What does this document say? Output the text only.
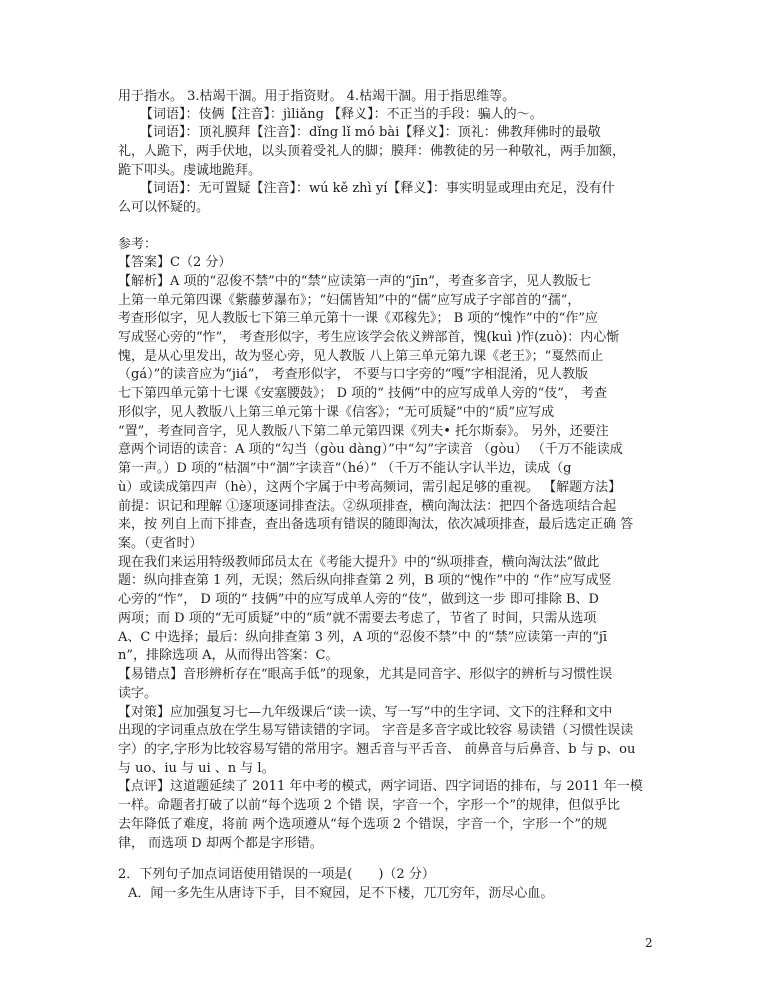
用于指水。 3.枯竭干涸。用于指资财。 4.枯竭干涸。用于指思维等。
【词语】：伎俩【注音】：jìliǎng 【释义】：不正当的手段：骗人的～。
【词语】：顶礼膜拜【注音】：dǐng lǐ mó bài【释义】：顶礼：佛教拜佛时的最敬
礼，人跪下，两手伏地，以头顶着受礼人的脚；膜拜：佛教徒的另一种敬礼，两手加额，
跪下叩头。虔诚地跪拜。
【词语】：无可置疑【注音】：wú kě zhì yí【释义】：事实明显或理由充足，没有什
么可以怀疑的。
参考：
【答案】C（2 分）
【解析】A 项的“忍俊不禁”中的“禁”应读第一声的“jīn”，考查多音字，见人教版七
上第一单元第四课《紫藤萝瀑布》；“妇儒皆知”中的“儒”应写成子字部首的“孺”，
考查形似字，见人教版七下第三单元第十一课《邓稼先》； B 项的“愧怍”中的“作”应
写成竖心旁的“怍”， 考查形似字，考生应该学会依义辨部首，愧(kuì )怍(zuò)：内心惭
愧，是从心里发出，故为竖心旁，见人教版 八上第三单元第九课《老王》；“戛然而止
（gá）”的读音应为“jiá”， 考查形似字， 不要与口字旁的“嘎”字相混淆，见人教版
七下第四单元第十七课《安塞腰鼓》； D 项的“ 技俩”中的应写成单人旁的“伎”， 考查
形似字，见人教版八上第三单元第十课《信客》；“无可质疑”中的“质”应写成
“置”，考查同音字，见人教版八下第二单元第四课《列夫• 托尔斯泰》。 另外，还要注
意两个词语的读音：A 项的“勾当（gòu dàng）”中“勾”字读音 （gòu） （千万不能读成
第一声。）D 项的“枯涸”中“涸”字读音“（hé）” （千万不能认字认半边，读成（g
ù）或读成第四声（hè），这两个字属于中考高频词，需引起足够的重视。 【解题方法】
前提：识记和理解 ①逐项逐词排查法。②纵项排查，横向淘汰法：把四个备选项结合起
来，按 列自上而下排查，查出备选项有错误的随即淘汰，依次减项排查，最后选定正确 答
案。（吏省时）
现在我们来运用特级教师邱员太在《考能大提升》中的“纵项排查，横向淘汰法”做此
题：纵向排查第 1 列，无误；然后纵向排查第 2 列，B 项的“愧作”中的 “作”应写成竖
心旁的“怍”， D 项的“ 技俩”中的应写成单人旁的“伎”，做到这一步 即可排除 B、D
两项；而 D 项的“无可质疑”中的“质”就不需要去考虑了，节省了 时间，只需从选项
A、C 中选择；最后：纵向排查第 3 列，A 项的“忍俊不禁”中 的“禁”应读第一声的“jī
n”，排除选项 A，从而得出答案：C。
【易错点】音形辨析存在“眼高手低”的现象，尤其是同音字、形似字的辨析与习惯性误
读字。
【对策】应加强复习七—九年级课后“读一读、写一写”中的生字词、文下的注释和文中
出现的字词重点放在学生易写错读错的字词。 字音是多音字或比较容 易读错（习惯性误读
字）的字,字形为比较容易写错的常用字。翘舌音与平舌音、 前鼻音与后鼻音、b 与 p、ou
与 uo、iu 与 ui 、n 与 l。
【点评】这道题延续了 2011 年中考的模式，两字词语、四字词语的排布，与 2011 年一模
一样。命题者打破了以前“每个选项 2 个错 误，字音一个，字形一个”的规律，但似乎比
去年降低了难度，将前 两个选项遵从“每个选项 2 个错误，字音一个，字形一个”的规
律， 而选项 D 却两个都是字形错。
2．下列句子加点词语使用错误的一项是(　　)（2 分）
A．闻一多先生从唐诗下手，目不窥园，足不下楼，兀兀穷年，沥尽心血。
2
